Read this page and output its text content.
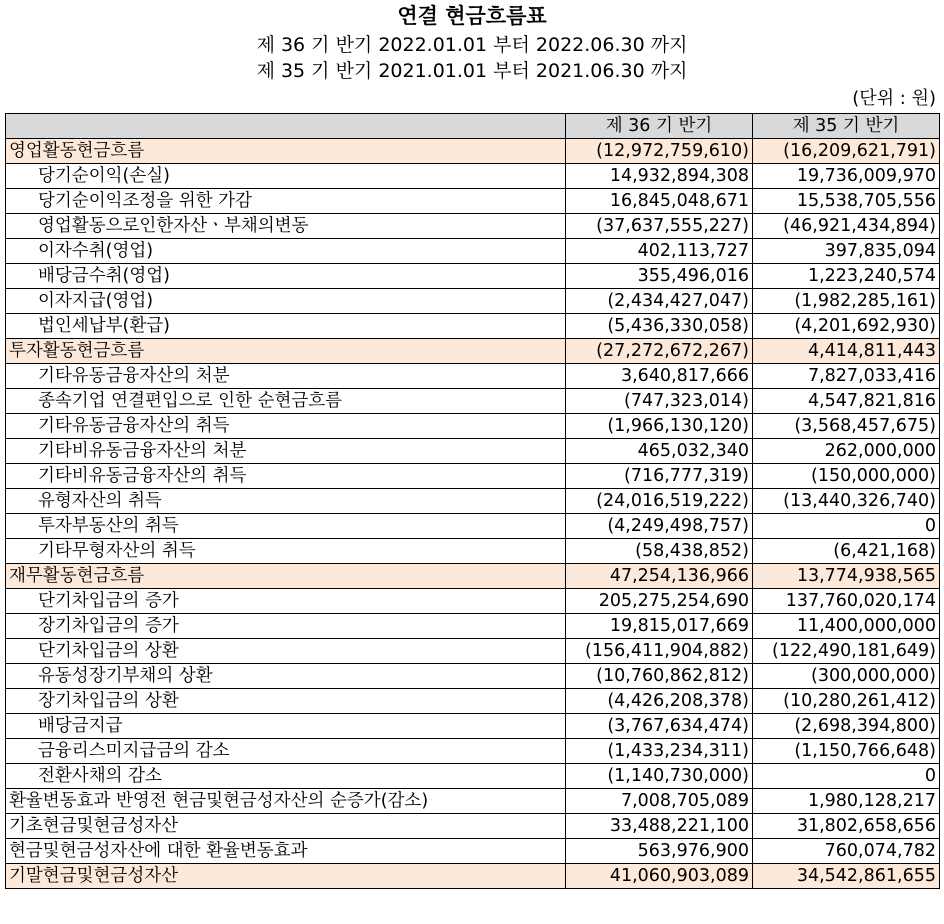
연결 현금흐름표
제 36 기 반기 2022.01.01 부터 2022.06.30 까지
제 35 기 반기 2021.01.01 부터 2021.06.30 까지
(단위 : 원)
	제 36 기 반기	제 35 기 반기
영업활동현금흐름	(12,972,759,610)	(16,209,621,791)
당기순이익(손실)	14,932,894,308	19,736,009,970
당기순이익조정을 위한 가감	16,845,048,671	15,538,705,556
영업활동으로인한자산ㆍ부채의변동	(37,637,555,227)	(46,921,434,894)
이자수취(영업)	402,113,727	397,835,094
배당금수취(영업)	355,496,016	1,223,240,574
이자지급(영업)	(2,434,427,047)	(1,982,285,161)
법인세납부(환급)	(5,436,330,058)	(4,201,692,930)
투자활동현금흐름	(27,272,672,267)	4,414,811,443
기타유동금융자산의 처분	3,640,817,666	7,827,033,416
종속기업 연결편입으로 인한 순현금흐름	(747,323,014)	4,547,821,816
기타유동금융자산의 취득	(1,966,130,120)	(3,568,457,675)
기타비유동금융자산의 처분	465,032,340	262,000,000
기타비유동금융자산의 취득	(716,777,319)	(150,000,000)
유형자산의 취득	(24,016,519,222)	(13,440,326,740)
투자부동산의 취득	(4,249,498,757)	0
기타무형자산의 취득	(58,438,852)	(6,421,168)
재무활동현금흐름	47,254,136,966	13,774,938,565
단기차입금의 증가	205,275,254,690	137,760,020,174
장기차입금의 증가	19,815,017,669	11,400,000,000
단기차입금의 상환	(156,411,904,882)	(122,490,181,649)
유동성장기부채의 상환	(10,760,862,812)	(300,000,000)
장기차입금의 상환	(4,426,208,378)	(10,280,261,412)
배당금지급	(3,767,634,474)	(2,698,394,800)
금융리스미지급금의 감소	(1,433,234,311)	(1,150,766,648)
전환사채의 감소	(1,140,730,000)	0
환율변동효과 반영전 현금및현금성자산의 순증가(감소)	7,008,705,089	1,980,128,217
기초현금및현금성자산	33,488,221,100	31,802,658,656
현금및현금성자산에 대한 환율변동효과	563,976,900	760,074,782
기말현금및현금성자산	41,060,903,089	34,542,861,655
